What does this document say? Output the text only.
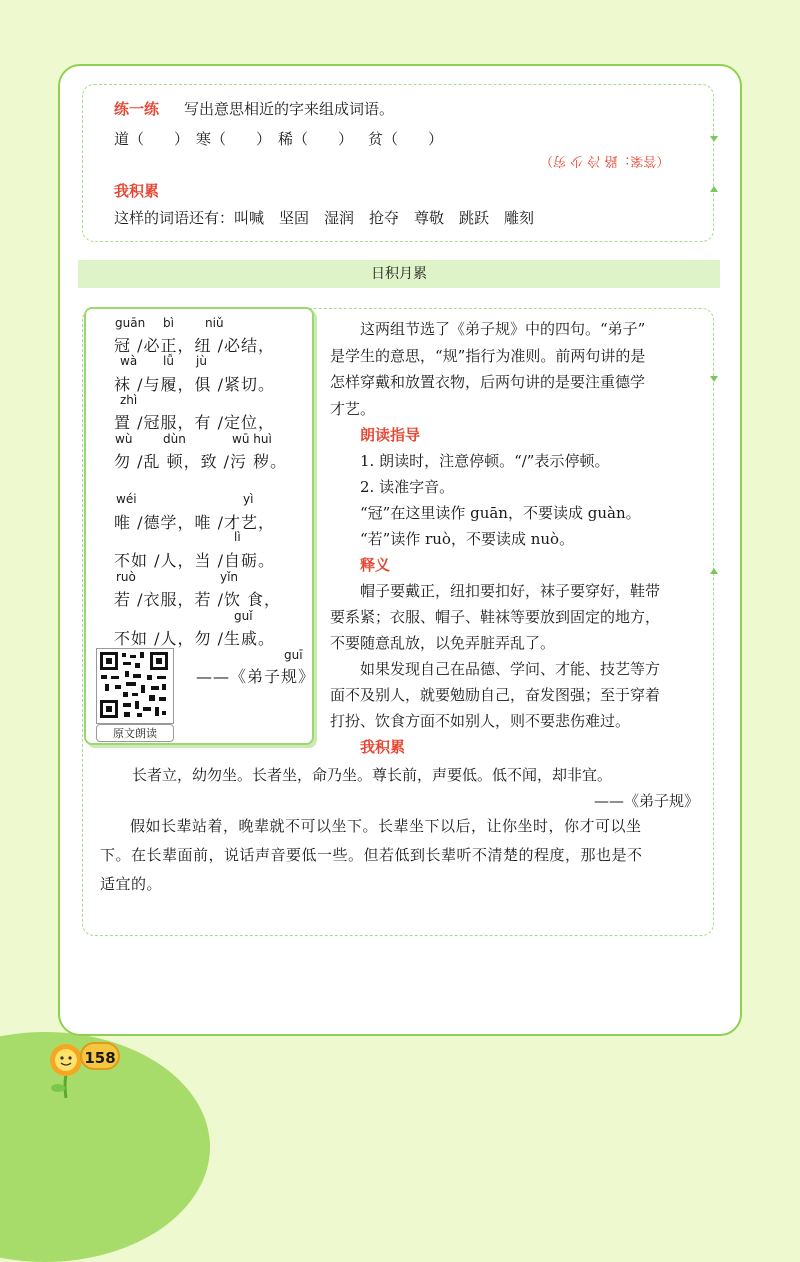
练一练 写出意思相近的字来组成词语。
道（　　） 寒（　　） 稀（　　） 贫（　　）
（答案：路 冷 少 穷）
我积累
这样的词语还有：叫喊　坚固　湿润　抢夺　尊敬　跳跃　雕刻
日积月累
guān bì	niǔ
冠 /必正，纽 /必结，
wà lǚ jù
袜 /与履，俱 /紧切。
zhì
置 /冠服，有 /定位，
wù	dùn	wū huì
勿 /乱 顿，致 /污 秽。
wéi	yì
唯 /德学，唯 /才艺，
lì
不如 /人，当 /自砺。
ruò	yǐn
若 /衣服，若 /饮 食，
guǐ
不如 /人，勿 /生戚。
guī
——《弟子规》
原文朗读
这两组节选了《弟子规》中的四句。“弟子”
是学生的意思，“规”指行为准则。前两句讲的是
怎样穿戴和放置衣物，后两句讲的是要注重德学
才艺。
朗读指导
1. 朗读时，注意停顿。“/”表示停顿。
2. 读准字音。
“冠”在这里读作 guān，不要读成 guàn。
“若”读作 ruò，不要读成 nuò。
释义
帽子要戴正，纽扣要扣好，袜子要穿好，鞋带
要系紧；衣服、帽子、鞋袜等要放到固定的地方，
不要随意乱放，以免弄脏弄乱了。
如果发现自己在品德、学问、才能、技艺等方
面不及别人，就要勉励自己，奋发图强；至于穿着
打扮、饮食方面不如别人，则不要悲伤难过。
我积累
长者立，幼勿坐。长者坐，命乃坐。尊长前，声要低。低不闻，却非宜。
——《弟子规》
假如长辈站着，晚辈就不可以坐下。长辈坐下以后，让你坐时，你才可以坐
下。在长辈面前，说话声音要低一些。但若低到长辈听不清楚的程度，那也是不
适宜的。
158
